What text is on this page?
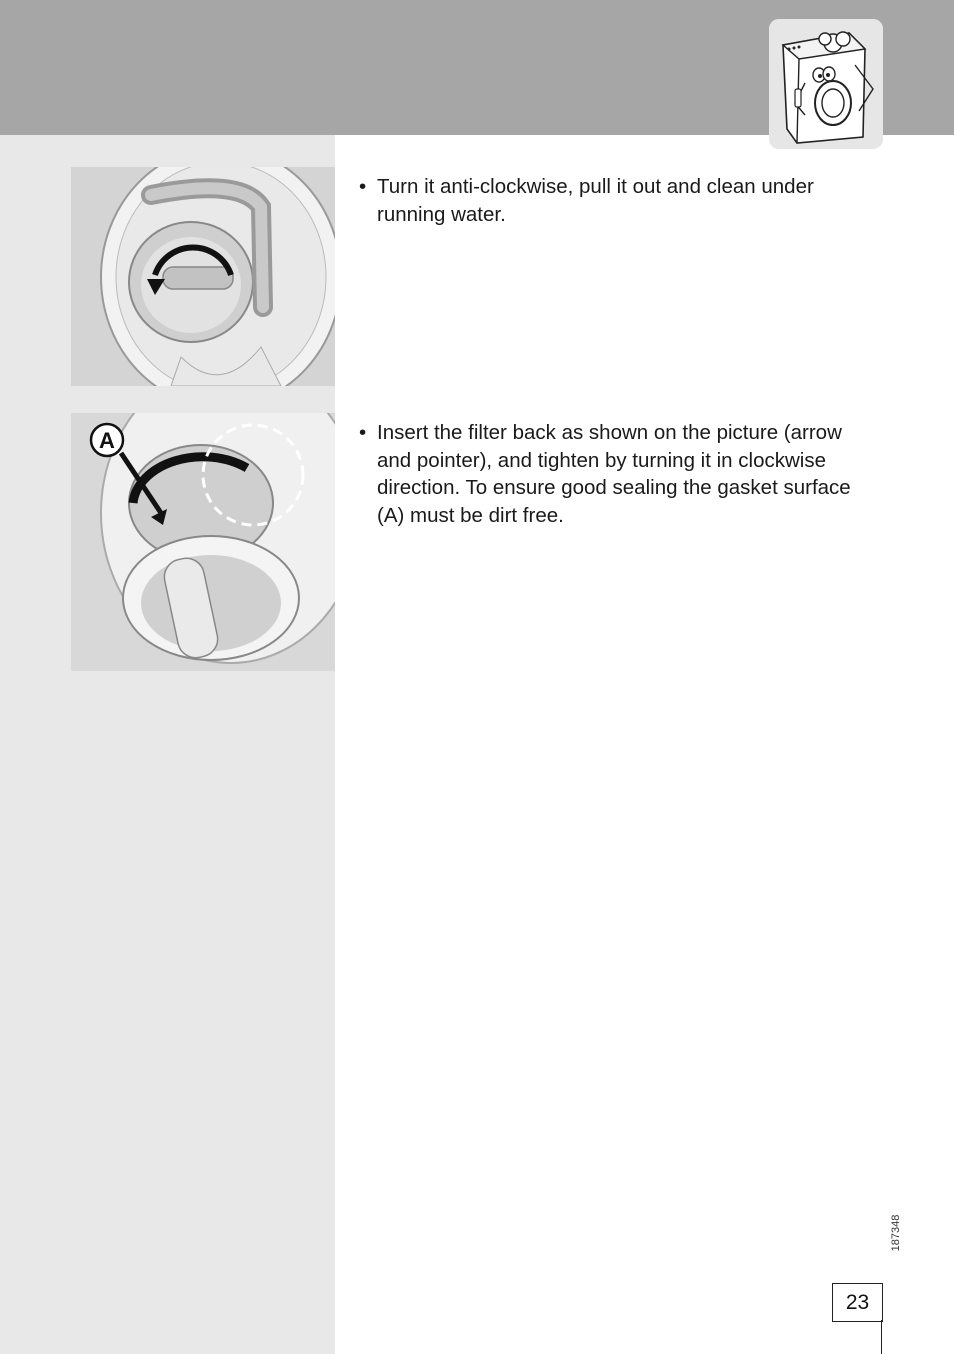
• Turn it anti-clockwise, pull it out and clean under running water.
A	• Insert the filter back as shown on the picture (arrow and pointer), and tighten by turning it in clockwise direction. To ensure good sealing the gasket surface (A) must be dirt free.
187348
23
